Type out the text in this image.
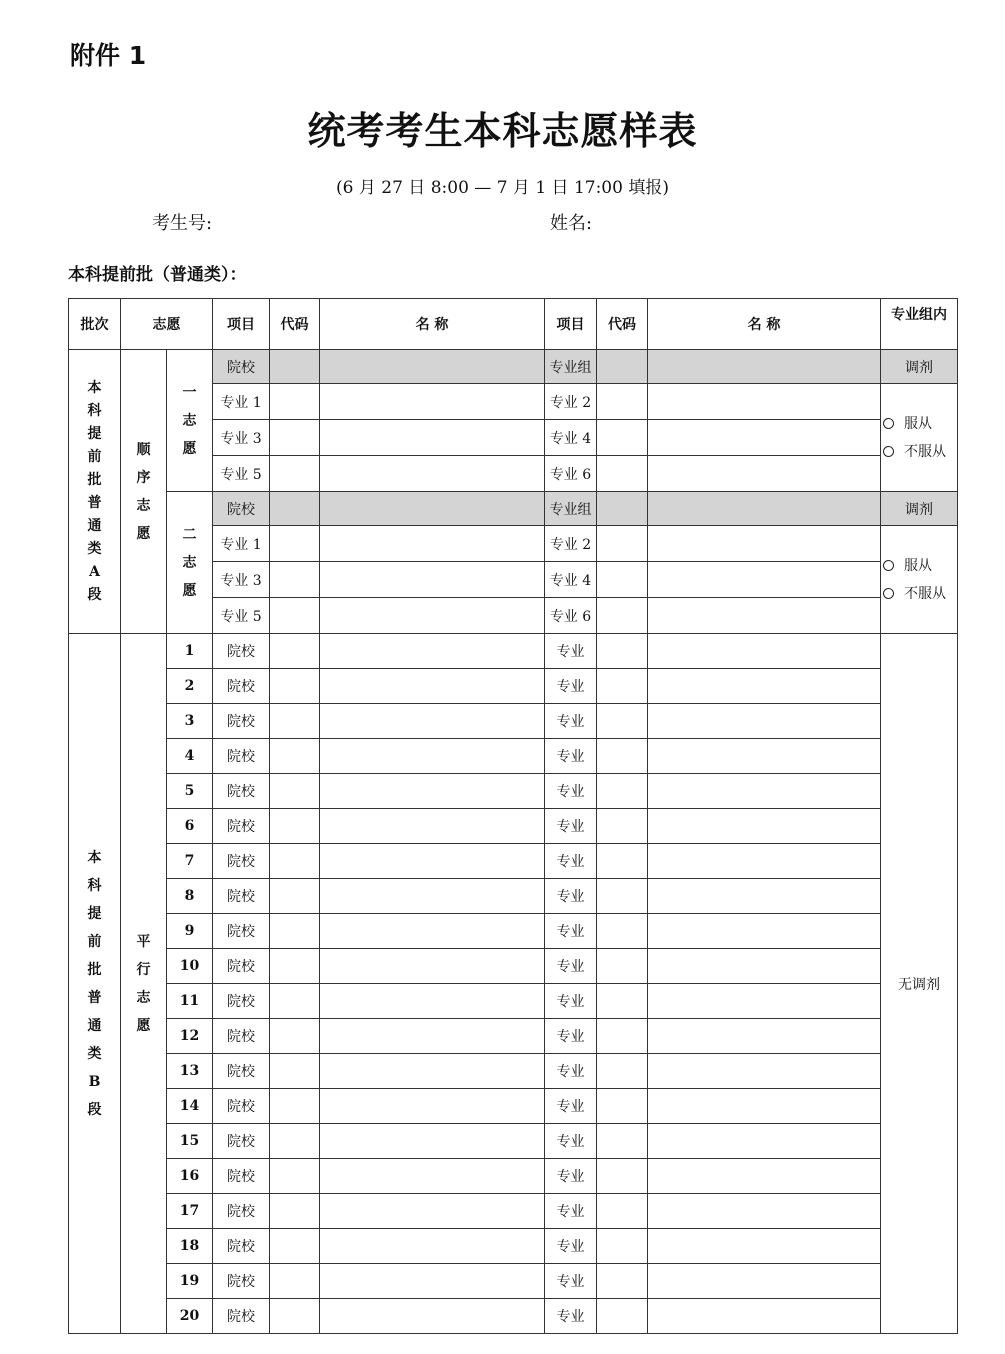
附件 1
统考考生本科志愿样表
(6 月 27 日 8:00 — 7 月 1 日 17:00 填报)
考生号:	姓名:
本科提前批（普通类）：
批次	志愿		项目	代码	名 称	项目	代码	名 称	专业组内
本科提前批普通类A段	顺序志愿	一志愿	院校			专业组			调剂
			专业 1			专业 2			服从
不服从

			专业 3			专业 4			
			专业 5			专业 6			
		二志愿	院校			专业组			调剂
			专业 1			专业 2			服从
不服从

			专业 3			专业 4			
			专业 5			专业 6			
本科提前批普通类B段	平行志愿	1	院校			专业			无调剂
		2	院校			专业			
		3	院校			专业			
		4	院校			专业			
		5	院校			专业			
		6	院校			专业			
		7	院校			专业			
		8	院校			专业			
		9	院校			专业			
		10	院校			专业			
		11	院校			专业			
		12	院校			专业			
		13	院校			专业			
		14	院校			专业			
		15	院校			专业			
		16	院校			专业			
		17	院校			专业			
		18	院校			专业			
		19	院校			专业			
		20	院校			专业			
